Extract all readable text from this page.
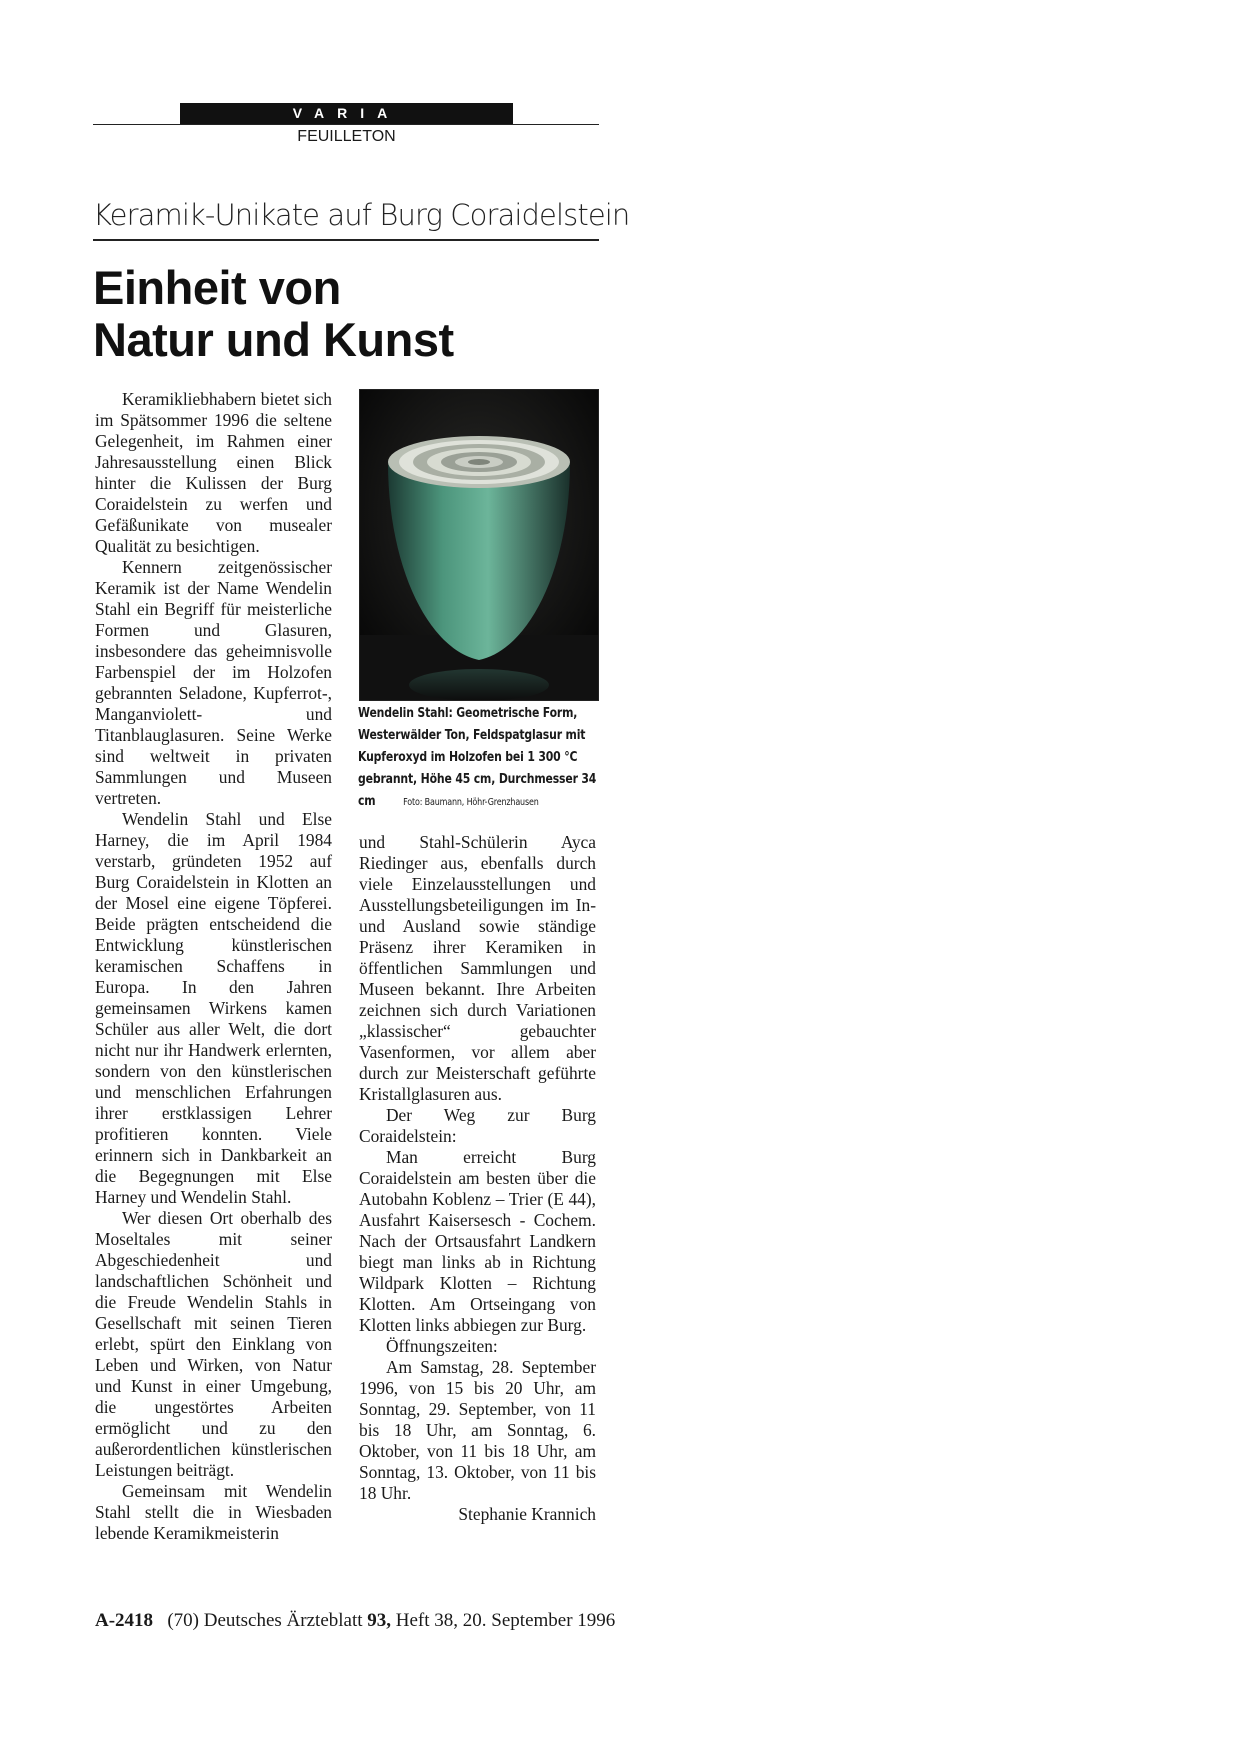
VARIA
FEUILLETON
Keramik-Unikate auf Burg Coraidelstein
Einheit von
Natur und Kunst

Keramikliebhabern bietet sich im Spätsommer 1996 die seltene Gelegenheit, im Rahmen einer Jahresausstellung einen Blick hinter die Kulissen der Burg Coraidelstein zu werfen und Gefäßunikate von musealer Qualität zu besichtigen.

Kennern zeitgenössischer Keramik ist der Name Wendelin Stahl ein Begriff für meisterliche Formen und Glasuren, insbesondere das geheimnisvolle Farbenspiel der im Holzofen gebrannten Seladone, Kupferrot-, Manganviolett- und Titanblauglasuren. Seine Werke sind weltweit in privaten Sammlungen und Museen vertreten.

Wendelin Stahl und Else Harney, die im April 1984 verstarb, gründeten 1952 auf Burg Coraidelstein in Klotten an der Mosel eine eigene Töpferei. Beide prägten entscheidend die Entwicklung künstlerischen keramischen Schaffens in Europa. In den Jahren gemeinsamen Wirkens kamen Schüler aus aller Welt, die dort nicht nur ihr Handwerk erlernten, sondern von den künstlerischen und menschlichen Erfahrungen ihrer erstklassigen Lehrer profitieren konnten. Viele erinnern sich in Dankbarkeit an die Begegnungen mit Else Harney und Wendelin Stahl.

Wer diesen Ort oberhalb des Moseltales mit seiner Abgeschiedenheit und landschaftlichen Schönheit und die Freude Wendelin Stahls in Gesellschaft mit seinen Tieren erlebt, spürt den Einklang von Leben und Wirken, von Natur und Kunst in einer Umgebung, die ungestörtes Arbeiten ermöglicht und zu den außerordentlichen künstlerischen Leistungen beiträgt.

Gemeinsam mit Wendelin Stahl stellt die in Wiesbaden lebende Keramikmeisterin

Wendelin Stahl: Geometrische Form, Westerwälder Ton, Feldspatglasur mit Kupferoxyd im Holzofen bei 1 300 °C gebrannt, Höhe 45 cm, Durchmesser 34 cm	Foto: Baumann, Höhr-Grenzhausen

und Stahl-Schülerin Ayca Riedinger aus, ebenfalls durch viele Einzelausstellungen und Ausstellungsbeteiligungen im In- und Ausland sowie ständige Präsenz ihrer Keramiken in öffentlichen Sammlungen und Museen bekannt. Ihre Arbeiten zeichnen sich durch Variationen „klassischer“ gebauchter Vasenformen, vor allem aber durch zur Meisterschaft geführte Kristallglasuren aus.

Der Weg zur Burg Coraidelstein:

Man erreicht Burg Coraidelstein am besten über die Autobahn Koblenz – Trier (E 44), Ausfahrt Kaisersesch - Cochem. Nach der Ortsausfahrt Landkern biegt man links ab in Richtung Wildpark Klotten – Richtung Klotten. Am Ortseingang von Klotten links abbiegen zur Burg.

Öffnungszeiten:

Am Samstag, 28. September 1996, von 15 bis 20 Uhr, am Sonntag, 29. September, von 11 bis 18 Uhr, am Sonntag, 6. Oktober, von 11 bis 18 Uhr, am Sonntag, 13. Oktober, von 11 bis 18 Uhr.

Stephanie Krannich

A-2418 (70) Deutsches Ärzteblatt 93, Heft 38, 20. September 1996
